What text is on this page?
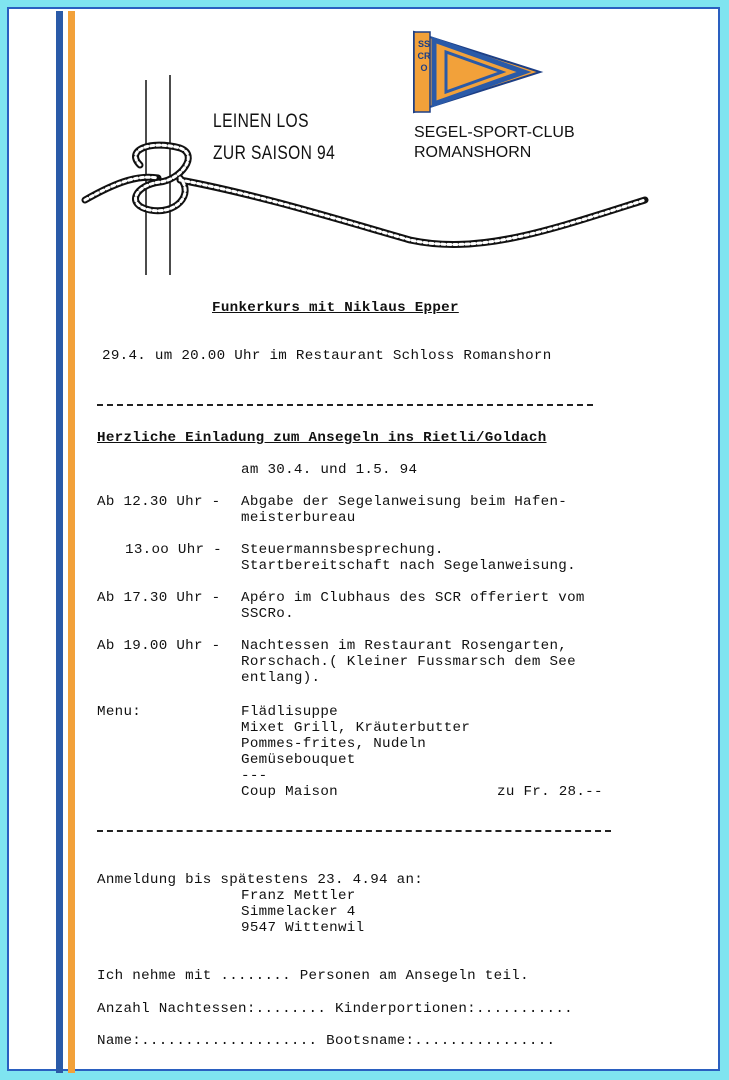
SSCRO
LEINEN LOS
ZUR SAISON 94
SEGEL-SPORT-CLUB
ROMANSHORN
Funkerkurs mit Niklaus Epper
29.4. um 20.00 Uhr im Restaurant Schloss Romanshorn
Herzliche Einladung zum Ansegeln ins Rietli/Goldach
am 30.4. und 1.5. 94
Ab 12.30 Uhr - Abgabe der Segelanweisung beim Hafen-
meisterbureau
13.oo Uhr - Steuermannsbesprechung.
Startbereitschaft nach Segelanweisung.
Ab 17.30 Uhr - Apéro im Clubhaus des SCR offeriert vom
SSCRo.
Ab 19.00 Uhr - Nachtessen im Restaurant Rosengarten,
Rorschach.( Kleiner Fussmarsch dem See
entlang).
Menu:	Flädlisuppe
Mixet Grill, Kräuterbutter
Pommes-frites, Nudeln
Gemüsebouquet
---
Coup Maison	zu Fr. 28.--
Anmeldung bis spätestens 23. 4.94 an:
Franz Mettler
Simmelacker 4
9547 Wittenwil
Ich nehme mit ........ Personen am Ansegeln teil.
Anzahl Nachtessen:........ Kinderportionen:...........
Name:.................... Bootsname:................
